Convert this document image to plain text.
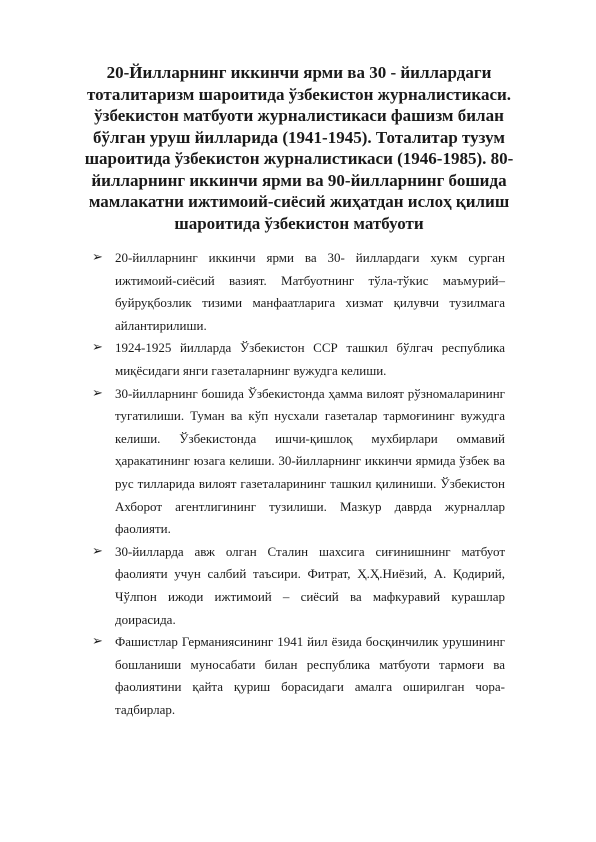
20-Йилларнинг иккинчи ярми ва 30 - йиллардаги тоталитаризм шароитида ўзбекистон журналистикаси. ўзбекистон матбуоти журналистикаси фашизм билан бўлган уруш йилларида (1941-1945). Тоталитар тузум шароитида ўзбекистон журналистикаси (1946-1985). 80-йилларнинг иккинчи ярми ва 90-йилларнинг бошида мамлакатни ижтимоий-сиёсий жиҳатдан ислоҳ қилиш шароитида ўзбекистон матбуоти
➢ 20-йилларнинг иккинчи ярми ва 30- йиллардаги хукм сурган ижтимоий-сиёсий вазият. Матбуотнинг тўла-тўкис маъмурий–буйруқбозлик тизими манфаатларига хизмат қилувчи тузилмага айлантирилиши.
➢ 1924-1925 йилларда Ўзбекистон ССР ташкил бўлгач республика миқёсидаги янги газеталарнинг вужудга келиши.
➢ 30-йилларнинг бошида Ўзбекистонда ҳамма вилоят рўзномаларининг тугатилиши. Туман ва кўп нусхали газеталар тармоғининг вужудга келиши. Ўзбекистонда ишчи-қишлоқ мухбирлари оммавий ҳаракатининг юзага келиши. 30-йилларнинг иккинчи ярмида ўзбек ва рус тилларида вилоят газеталарининг ташкил қилиниши. Ўзбекистон Ахборот агентлигининг тузилиши. Мазкур даврда журналлар фаолияти.
➢ 30-йилларда авж олган Сталин шахсига сиғинишнинг матбуот фаолияти учун салбий таъсири. Фитрат, Ҳ.Ҳ.Ниёзий, А. Қодирий, Чўлпон ижоди ижтимоий – сиёсий ва мафкуравий курашлар доирасида.
➢ Фашистлар Германиясининг 1941 йил ёзида босқинчилик урушининг бошланиши муносабати билан республика матбуоти тармоғи ва фаолиятини қайта қуриш борасидаги амалга оширилган чора-тадбирлар.
